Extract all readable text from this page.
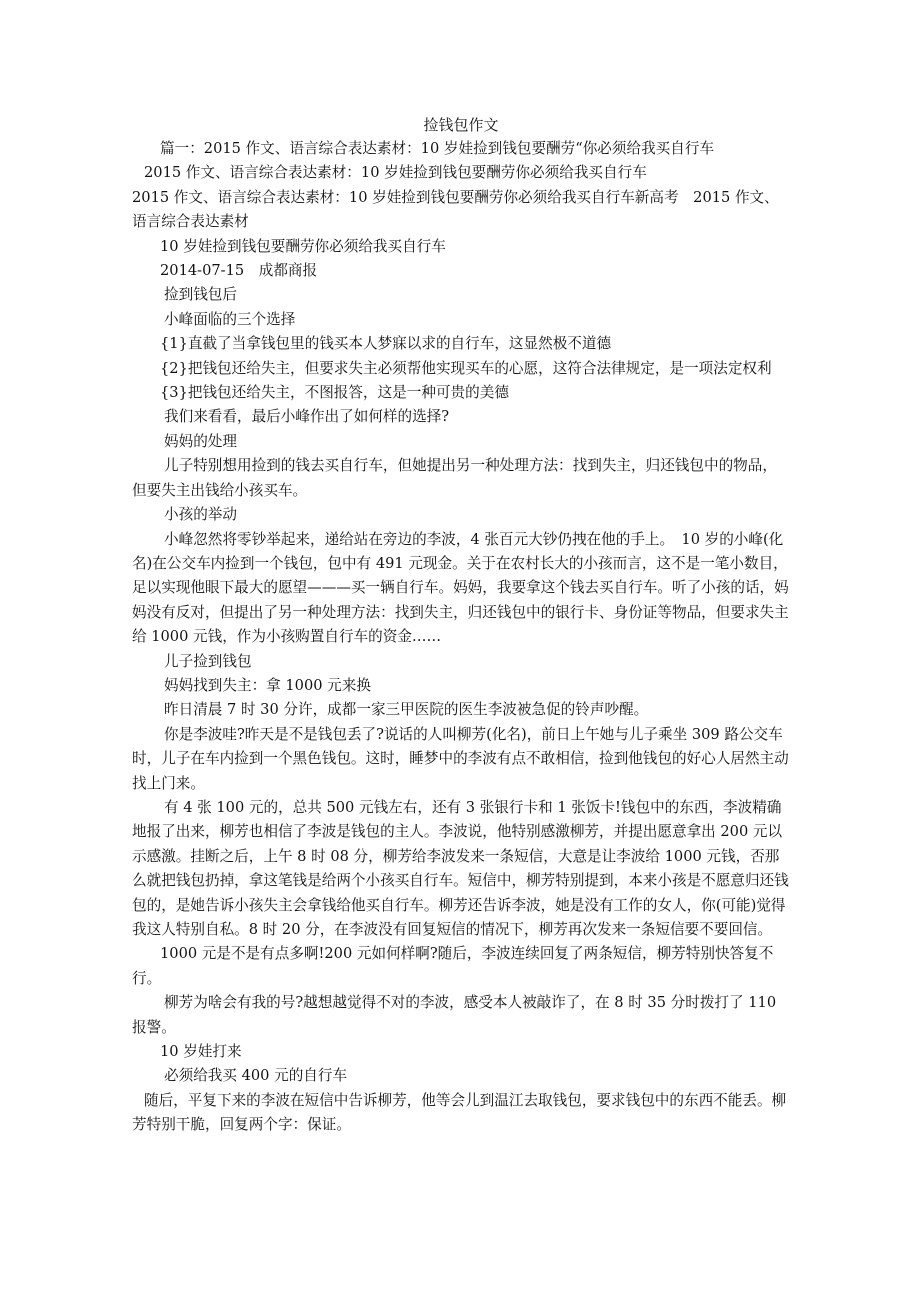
捡钱包作文

篇一：2015 作文、语言综合表达素材：10 岁娃捡到钱包要酬劳“你必须给我买自行车

2015 作文、语言综合表达素材：10 岁娃捡到钱包要酬劳你必须给我买自行车

2015 作文、语言综合表达素材：10 岁娃捡到钱包要酬劳你必须给我买自行车新高考　2015 作文、语言综合表达素材

10 岁娃捡到钱包要酬劳你必须给我买自行车

2014-07-15　成都商报

捡到钱包后

小峰面临的三个选择

{1}直截了当拿钱包里的钱买本人梦寐以求的自行车，这显然极不道德

{2}把钱包还给失主，但要求失主必须帮他实现买车的心愿，这符合法律规定，是一项法定权利

{3}把钱包还给失主，不图报答，这是一种可贵的美德

我们来看看，最后小峰作出了如何样的选择?

妈妈的处理

儿子特别想用捡到的钱去买自行车，但她提出另一种处理方法：找到失主，归还钱包中的物品，但要失主出钱给小孩买车。

小孩的举动

小峰忽然将零钞举起来，递给站在旁边的李波，4 张百元大钞仍拽在他的手上。　10 岁的小峰(化名)在公交车内捡到一个钱包，包中有 491 元现金。关于在农村长大的小孩而言，这不是一笔小数目，足以实现他眼下最大的愿望———买一辆自行车。妈妈，我要拿这个钱去买自行车。听了小孩的话，妈妈没有反对，但提出了另一种处理方法：找到失主，归还钱包中的银行卡、身份证等物品，但要求失主给 1000 元钱，作为小孩购置自行车的资金……

儿子捡到钱包

妈妈找到失主：拿 1000 元来换

昨日清晨 7 时 30 分许，成都一家三甲医院的医生李波被急促的铃声吵醒。

你是李波哇?昨天是不是钱包丢了?说话的人叫柳芳(化名)，前日上午她与儿子乘坐 309 路公交车时，儿子在车内捡到一个黑色钱包。这时，睡梦中的李波有点不敢相信，捡到他钱包的好心人居然主动找上门来。

有 4 张 100 元的，总共 500 元钱左右，还有 3 张银行卡和 1 张饭卡!钱包中的东西，李波精确地报了出来，柳芳也相信了李波是钱包的主人。李波说，他特别感激柳芳，并提出愿意拿出 200 元以示感激。挂断之后，上午 8 时 08 分，柳芳给李波发来一条短信，大意是让李波给 1000 元钱，否那么就把钱包扔掉，拿这笔钱是给两个小孩买自行车。短信中，柳芳特别提到，本来小孩是不愿意归还钱包的，是她告诉小孩失主会拿钱给他买自行车。柳芳还告诉李波，她是没有工作的女人，你(可能)觉得我这人特别自私。8 时 20 分，在李波没有回复短信的情况下，柳芳再次发来一条短信要不要回信。

1000 元是不是有点多啊!200 元如何样啊?随后，李波连续回复了两条短信，柳芳特别快答复不行。

柳芳为啥会有我的号?越想越觉得不对的李波，感受本人被敲诈了，在 8 时 35 分时拨打了 110 报警。

10 岁娃打来

必须给我买 400 元的自行车

随后，平复下来的李波在短信中告诉柳芳，他等会儿到温江去取钱包，要求钱包中的东西不能丢。柳芳特别干脆，回复两个字：保证。
